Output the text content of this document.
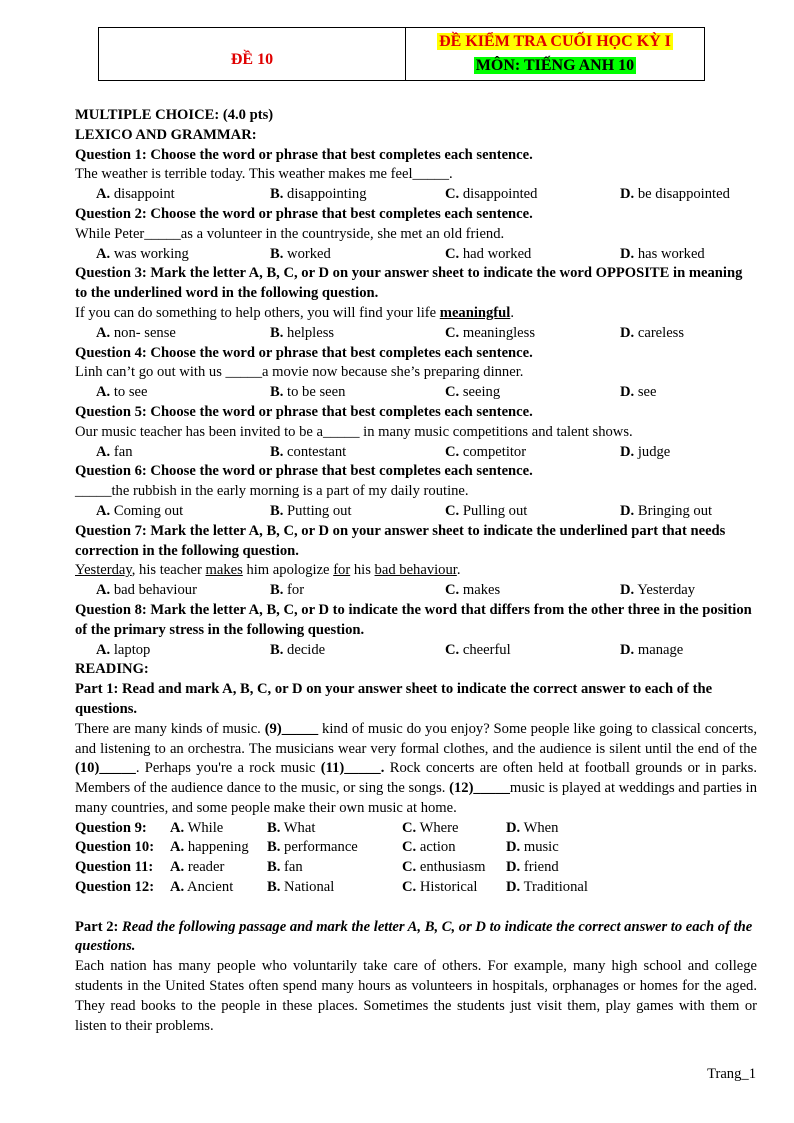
ĐỀ 10	ĐỀ KIỂM TRA CUỐI HỌC KỲ I
MÔN: TIẾNG ANH 10
MULTIPLE CHOICE: (4.0 pts)
LEXICO AND GRAMMAR:
Question 1: Choose the word or phrase that best completes each sentence.
The weather is terrible today. This weather makes me feel_____.
A. disappoint	B. disappointing	C. disappointed	D. be disappointed
Question 2: Choose the word or phrase that best completes each sentence.
While Peter_____as a volunteer in the countryside, she met an old friend.
A. was working	B. worked	C. had worked	D. has worked
Question 3: Mark the letter A, B, C, or D on your answer sheet to indicate the word OPPOSITE in meaning to the underlined word in the following question.
If you can do something to help others, you will find your life meaningful.
A. non- sense	B. helpless	C. meaningless	D. careless
Question 4: Choose the word or phrase that best completes each sentence.
Linh can’t go out with us _____a movie now because she’s preparing dinner.
A. to see	B. to be seen	C. seeing	D. see
Question 5: Choose the word or phrase that best completes each sentence.
Our music teacher has been invited to be a_____ in many music competitions and talent shows.
A. fan	B. contestant	C. competitor	D. judge
Question 6: Choose the word or phrase that best completes each sentence.
_____the rubbish in the early morning is a part of my daily routine.
A. Coming out	B. Putting out	C. Pulling out	D. Bringing out
Question 7: Mark the letter A, B, C, or D on your answer sheet to indicate the underlined part that needs correction in the following question.
Yesterday, his teacher makes him apologize for his bad behaviour.
A. bad behaviour	B. for	C. makes	D. Yesterday
Question 8: Mark the letter A, B, C, or D to indicate the word that differs from the other three in the position of the primary stress in the following question.
A. laptop	B. decide	C. cheerful	D. manage
READING:
Part 1: Read and mark A, B, C, or D on your answer sheet to indicate the correct answer to each of the questions.
There are many kinds of music. (9)_____ kind of music do you enjoy? Some people like going to classical concerts, and listening to an orchestra. The musicians wear very formal clothes, and the audience is silent until the end of the (10)_____. Perhaps you're a rock music (11)_____. Rock concerts are often held at football grounds or in parks. Members of the audience dance to the music, or sing the songs. (12)_____music is played at weddings and parties in many countries, and some people make their own music at home.
Question 9:	A. While	B. What	C. Where	D. When
Question 10:	A. happening	B. performance	C. action	D. music
Question 11:	A. reader	B. fan	C. enthusiasm	D. friend
Question 12:	A. Ancient	B. National	C. Historical	D. Traditional
Part 2: Read the following passage and mark the letter A, B, C, or D to indicate the correct answer to each of the questions.
Each nation has many people who voluntarily take care of others. For example, many high school and college students in the United States often spend many hours as volunteers in hospitals, orphanages or homes for the aged. They read books to the people in these places. Sometimes the students just visit them, play games with them or listen to their problems.
Trang_1
